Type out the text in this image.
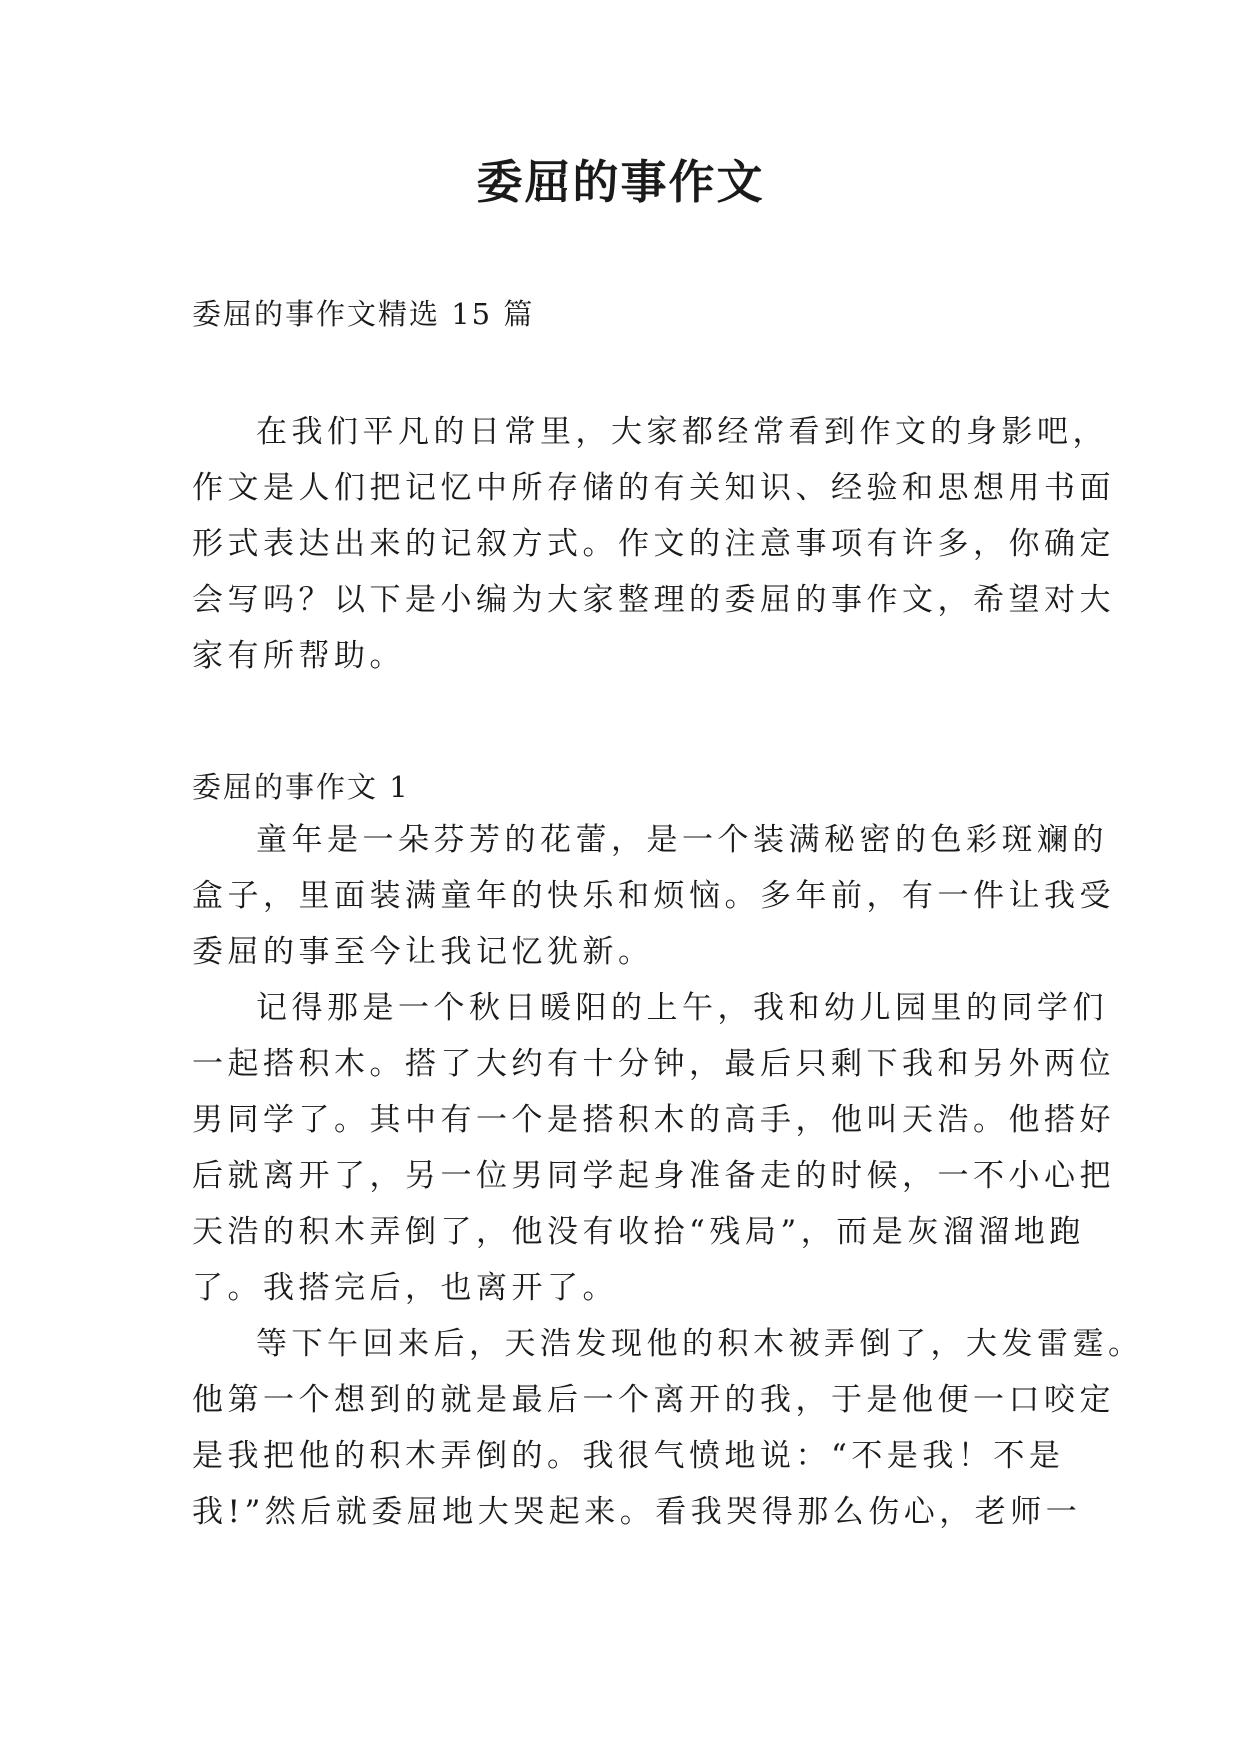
委屈的事作文
委屈的事作文精选 15 篇
在我们平凡的日常里，大家都经常看到作文的身影吧，
作文是人们把记忆中所存储的有关知识、经验和思想用书面
形式表达出来的记叙方式。作文的注意事项有许多，你确定
会写吗？以下是小编为大家整理的委屈的事作文，希望对大
家有所帮助。
委屈的事作文 1
童年是一朵芬芳的花蕾，是一个装满秘密的色彩斑斓的
盒子，里面装满童年的快乐和烦恼。多年前，有一件让我受
委屈的事至今让我记忆犹新。
记得那是一个秋日暖阳的上午，我和幼儿园里的同学们
一起搭积木。搭了大约有十分钟，最后只剩下我和另外两位
男同学了。其中有一个是搭积木的高手，他叫天浩。他搭好
后就离开了，另一位男同学起身准备走的时候，一不小心把
天浩的积木弄倒了，他没有收拾“残局”，而是灰溜溜地跑
了。我搭完后，也离开了。
等下午回来后，天浩发现他的积木被弄倒了，大发雷霆。
他第一个想到的就是最后一个离开的我，于是他便一口咬定
是我把他的积木弄倒的。我很气愤地说：“不是我！不是
我!”然后就委屈地大哭起来。看我哭得那么伤心，老师一
